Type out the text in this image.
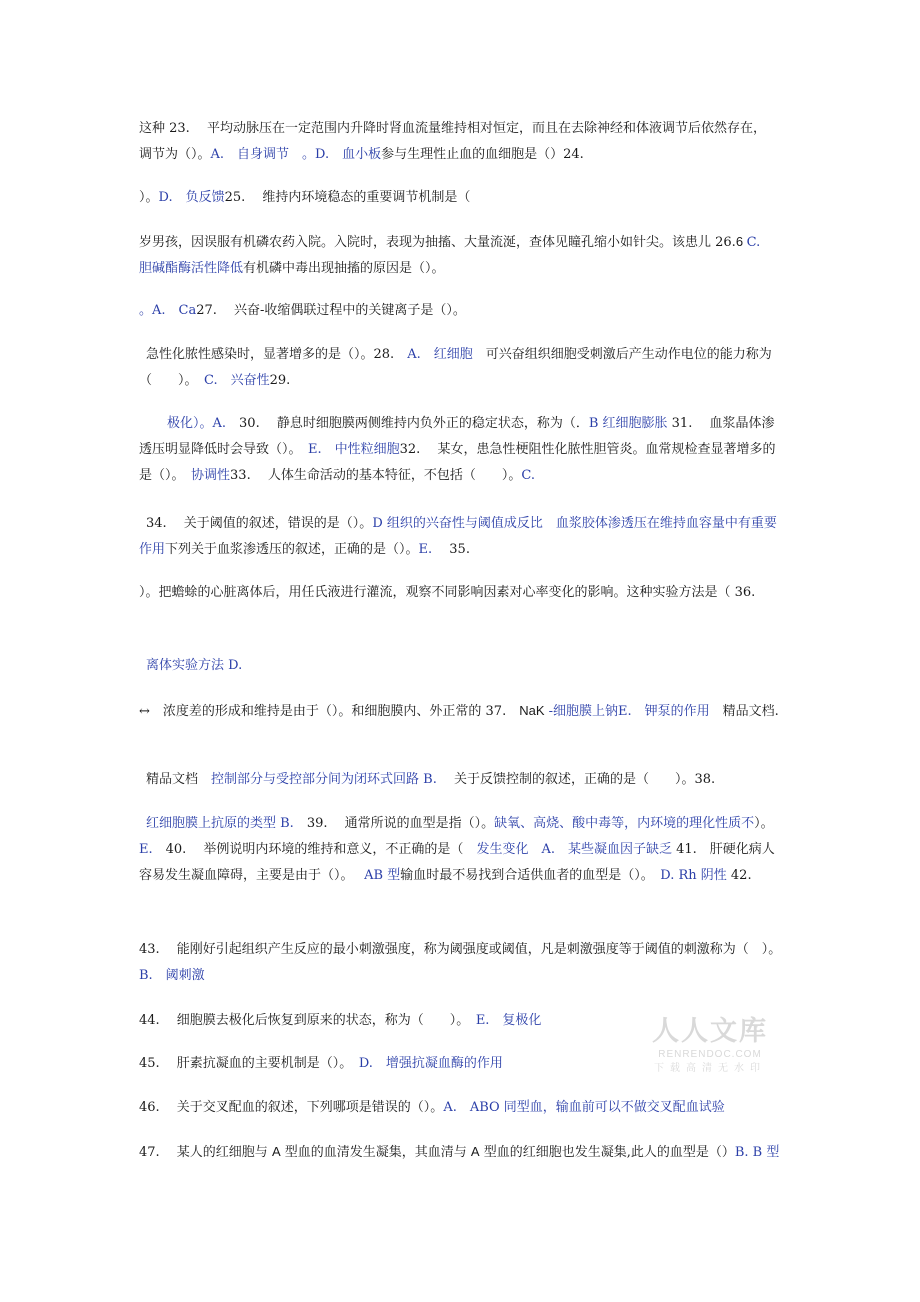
这种 23.　 平均动脉压在一定范围内升降时肾血流量维持相对恒定，而且在去除神经和体液调节后依然存在，　调节为（）。A.　自身调节　。D.　血小板参与生理性止血的血细胞是（）24.

）。D.　负反馈25.　 维持内环境稳态的重要调节机制是（

岁男孩，因误服有机磷农药入院。入院时，表现为抽搐、大量流涎，查体见瞳孔缩小如针尖。该患儿 26.6 C.　胆碱酯酶活性降低有机磷中毒出现抽搐的原因是（）。

。A.　Ca27.　 兴奋-收缩偶联过程中的关键离子是（）。

急性化脓性感染时，显著增多的是（）。28.　A.　红细胞　可兴奋组织细胞受刺激后产生动作电位的能力称为（　　）。　C.　兴奋性29.

极化）。A.　30.　 静息时细胞膜两侧维持内负外正的稳定状态，称为（．B 红细胞膨胀 31.　 血浆晶体渗透压明显降低时会导致（）。　E.　中性粒细胞32.　 某女，患急性梗阻性化脓性胆管炎。血常规检查显著增多的是（）。　协调性33.　 人体生命活动的基本特征，不包括（　　）。C.

34.　 关于阈值的叙述，错误的是（）。D 组织的兴奋性与阈值成反比　血浆胶体渗透压在维持血容量中有重要作用下列关于血浆渗透压的叙述，正确的是（）。E.　 35.

）。把蟾蜍的心脏离体后，用任氏液进行灌流，观察不同影响因素对心率变化的影响。这种实验方法是（ 36.

离体实验方法 D.

↔　浓度差的形成和维持是由于（）。和细胞膜内、外正常的 37.　NaK -细胞膜上钠E.　钾泵的作用　精品文档.

精品文档　控制部分与受控部分间为闭环式回路 B.　 关于反馈控制的叙述，正确的是（　　）。38.

红细胞膜上抗原的类型 B.　39.　 通常所说的血型是指（）。缺氧、高烧、酸中毒等，内环境的理化性质不）。　　E.　40.　 举例说明内环境的维持和意义，不正确的是（　发生变化　A.　某些凝血因子缺乏 41.　肝硬化病人容易发生凝血障碍，主要是由于（）。　 AB 型输血时最不易找到合适供血者的血型是（）。　D. Rh 阴性 42.

43.　 能刚好引起组织产生反应的最小刺激强度，称为阈强度或阈值，凡是刺激强度等于阈值的刺激称为（　）。B.　阈刺激

44.　 细胞膜去极化后恢复到原来的状态，称为（　　）。　E.　复极化

45.　 肝素抗凝血的主要机制是（）。　D.　增强抗凝血酶的作用

46.　 关于交叉配血的叙述，下列哪项是错误的（）。A.　ABO 同型血，输血前可以不做交叉配血试验

47.　 某人的红细胞与 A 型血的血清发生凝集，其血清与 A 型血的红细胞也发生凝集,此人的血型是（）B. B 型

人人文库
RENRENDOC.COM
下载高清无水印
